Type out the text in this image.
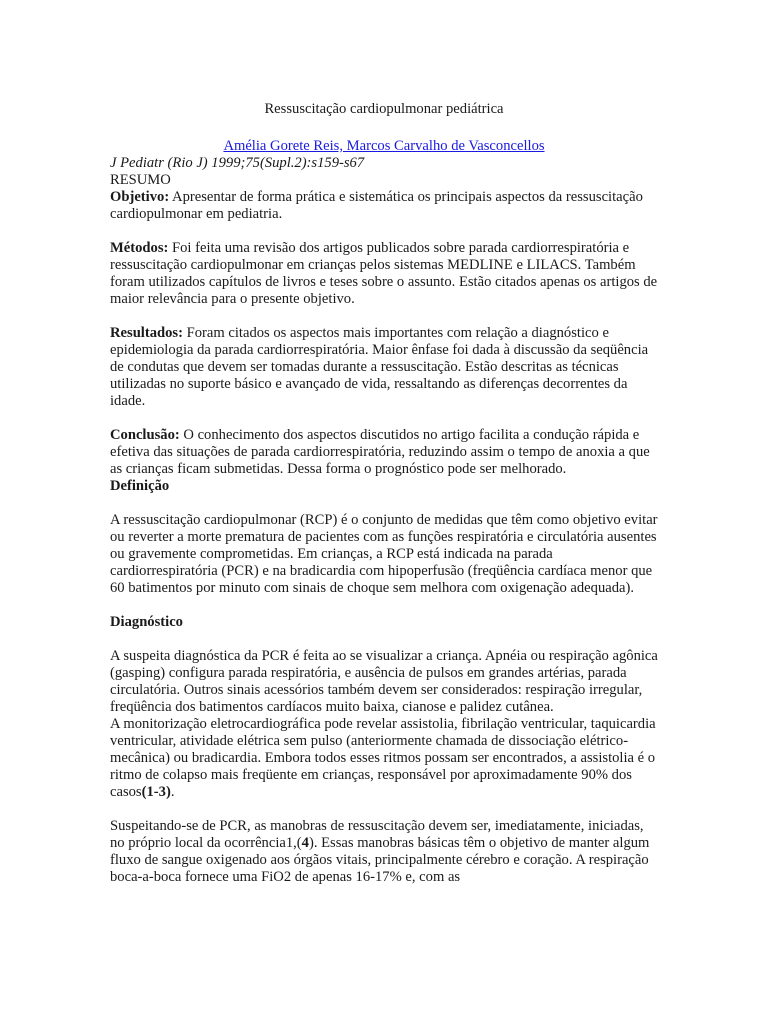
Ressuscitação cardiopulmonar pediátrica
Amélia Gorete Reis, Marcos Carvalho de Vasconcellos
J Pediatr (Rio J) 1999;75(Supl.2):s159-s67
RESUMO

Objetivo: Apresentar de forma prática e sistemática os principais aspectos da ressuscitação cardiopulmonar em pediatria.

Métodos: Foi feita uma revisão dos artigos publicados sobre parada cardiorrespiratória e ressuscitação cardiopulmonar em crianças pelos sistemas MEDLINE e LILACS. Também foram utilizados capítulos de livros e teses sobre o assunto. Estão citados apenas os artigos de maior relevância para o presente objetivo.

Resultados: Foram citados os aspectos mais importantes com relação a diagnóstico e epidemiologia da parada cardiorrespiratória. Maior ênfase foi dada à discussão da seqüência de condutas que devem ser tomadas durante a ressuscitação. Estão descritas as técnicas utilizadas no suporte básico e avançado de vida, ressaltando as diferenças decorrentes da idade.

Conclusão: O conhecimento dos aspectos discutidos no artigo facilita a condução rápida e efetiva das situações de parada cardiorrespiratória, reduzindo assim o tempo de anoxia a que as crianças ficam submetidas. Dessa forma o prognóstico pode ser melhorado.

Definição

A ressuscitação cardiopulmonar (RCP) é o conjunto de medidas que têm como objetivo evitar ou reverter a morte prematura de pacientes com as funções respiratória e circulatória ausentes ou gravemente comprometidas. Em crianças, a RCP está indicada na parada cardiorrespiratória (PCR) e na bradicardia com hipoperfusão (freqüência cardíaca menor que 60 batimentos por minuto com sinais de choque sem melhora com oxigenação adequada).

Diagnóstico

A suspeita diagnóstica da PCR é feita ao se visualizar a criança. Apnéia ou respiração agônica (gasping) configura parada respiratória, e ausência de pulsos em grandes artérias, parada circulatória. Outros sinais acessórios também devem ser considerados: respiração irregular, freqüência dos batimentos cardíacos muito baixa, cianose e palidez cutânea.

A monitorização eletrocardiográfica pode revelar assistolia, fibrilação ventricular, taquicardia ventricular, atividade elétrica sem pulso (anteriormente chamada de dissociação elétrico-mecânica) ou bradicardia. Embora todos esses ritmos possam ser encontrados, a assistolia é o ritmo de colapso mais freqüente em crianças, responsável por aproximadamente 90% dos casos(1-3).

Suspeitando-se de PCR, as manobras de ressuscitação devem ser, imediatamente, iniciadas, no próprio local da ocorrência1,(4). Essas manobras básicas têm o objetivo de manter algum fluxo de sangue oxigenado aos órgãos vitais, principalmente cérebro e coração. A respiração boca-a-boca fornece uma FiO2 de apenas 16-17% e, com as
